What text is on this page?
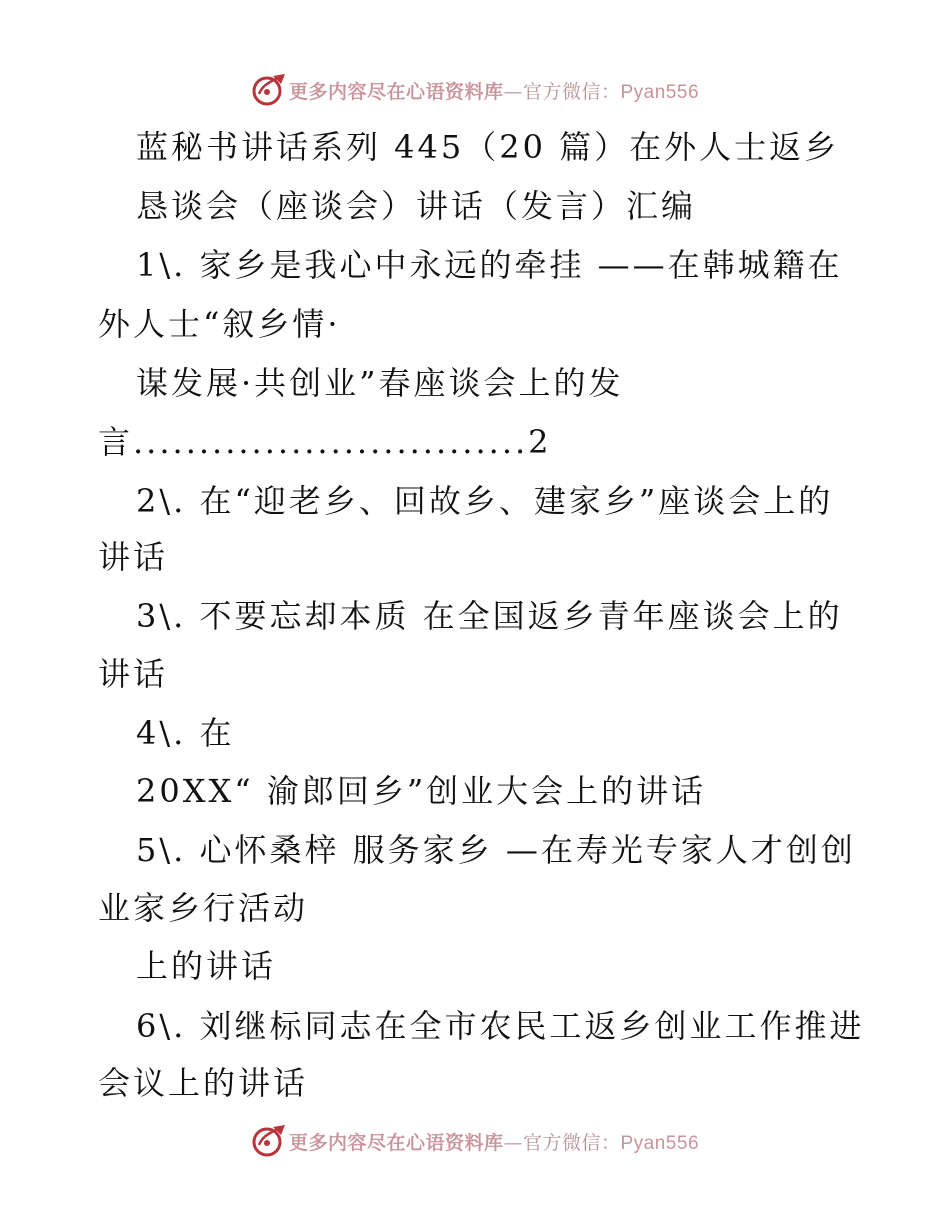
更多内容尽在心语资料库—官方微信：Pyan556
蓝秘书讲话系列 445（20 篇）在外人士返乡
恳谈会（座谈会）讲话（发言）汇编
1\. 家乡是我心中永远的牵挂 ——在韩城籍在
外人士“叙乡情·
谋发展·共创业”春座谈会上的发
言..............................2
2\. 在“迎老乡、回故乡、建家乡”座谈会上的
讲话
3\. 不要忘却本质 在全国返乡青年座谈会上的
讲话
4\. 在
20XX“ 渝郎回乡”创业大会上的讲话
5\. 心怀桑梓 服务家乡 —在寿光专家人才创创
业家乡行活动
上的讲话
6\. 刘继标同志在全市农民工返乡创业工作推进
会议上的讲话
更多内容尽在心语资料库—官方微信：Pyan556
